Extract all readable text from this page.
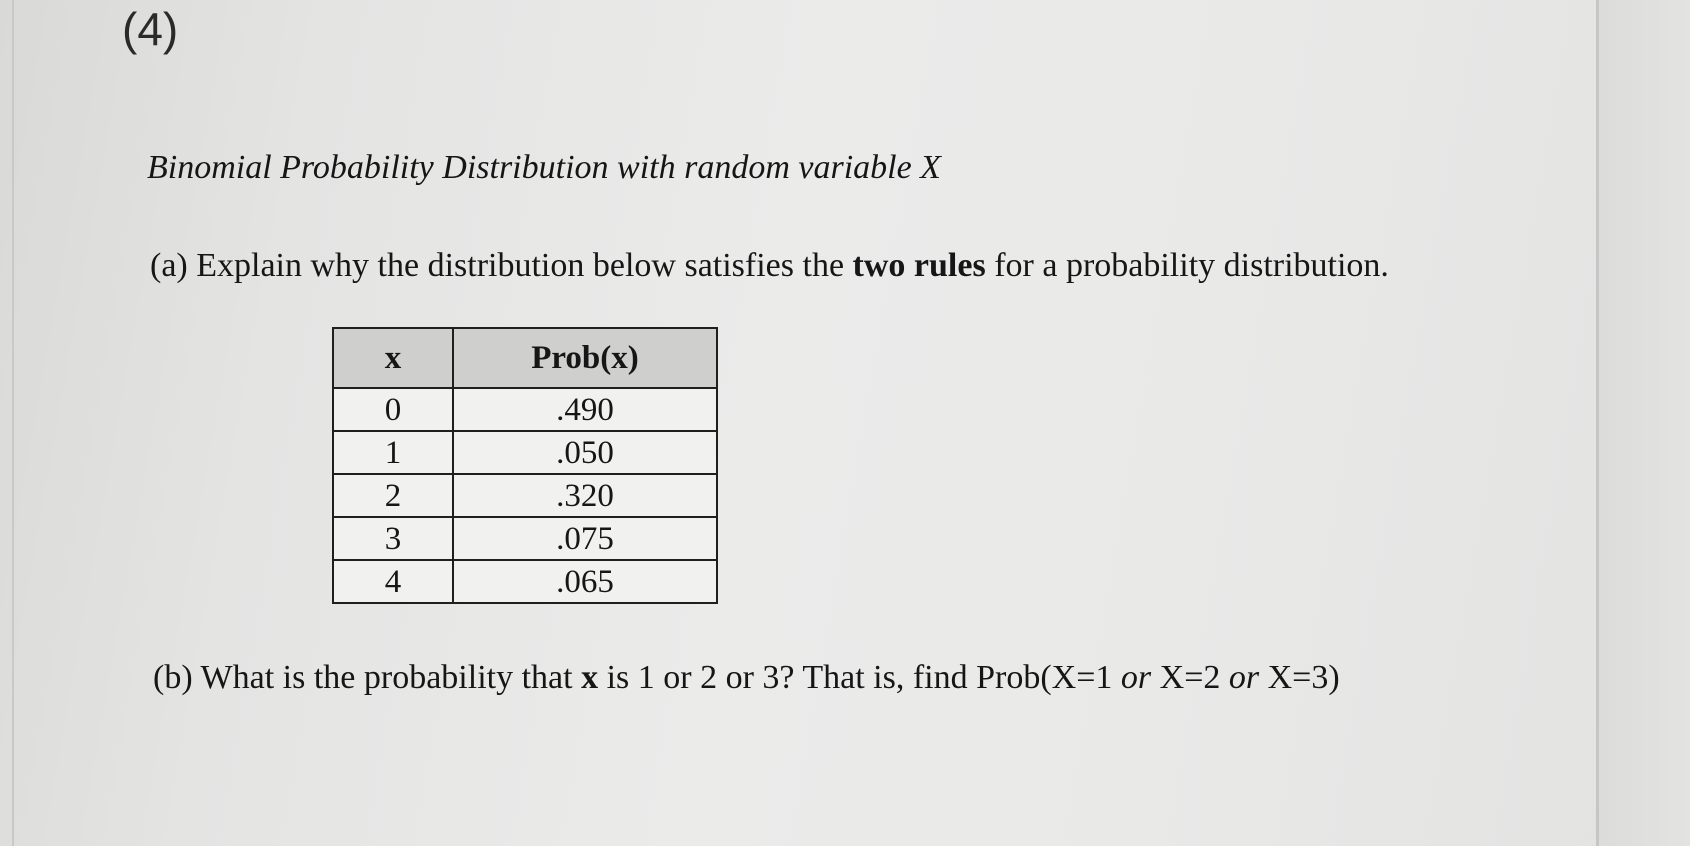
(4)
Binomial Probability Distribution with random variable X
(a) Explain why the distribution below satisfies the two rules for a probability distribution.
x	Prob(x)
0	.490
1	.050
2	.320
3	.075
4	.065
(b) What is the probability that x is 1 or 2 or 3? That is, find Prob(X=1 or X=2 or X=3)
